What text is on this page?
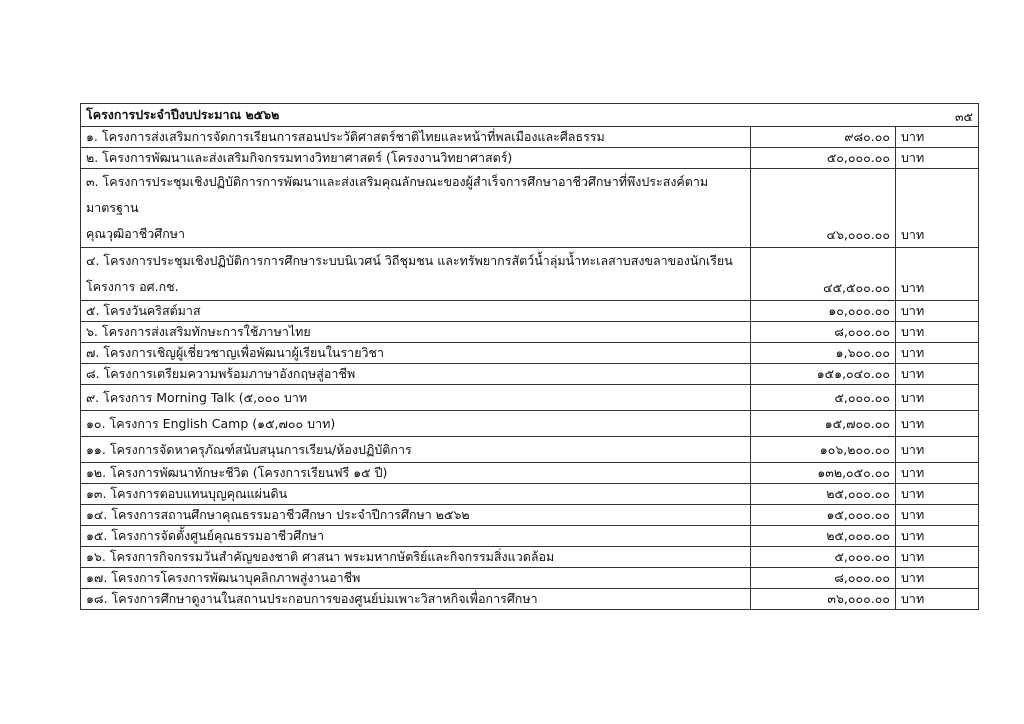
โครงการประจำปีงบประมาณ ๒๕๖๒ ๓๕		

๑. โครงการส่งเสริมการจัดการเรียนการสอนประวัติศาสตร์ชาติไทยและหน้าที่พลเมืองและศีลธรรม	๙๘๐.๐๐	บาท
๒. โครงการพัฒนาและส่งเสริมกิจกรรมทางวิทยาศาสตร์ (โครงงานวิทยาศาสตร์)	๕๐,๐๐๐.๐๐	บาท

๓. โครงการประชุมเชิงปฏิบัติการการพัฒนาและส่งเสริมคุณลักษณะของผู้สำเร็จการศึกษาอาชีวศึกษาที่พึงประสงค์ตามมาตรฐาน
คุณวุฒิอาชีวศึกษา	๔๖,๐๐๐.๐๐	บาท

๔. โครงการประชุมเชิงปฏิบัติการการศึกษาระบบนิเวศน์ วิถีชุมชน และทรัพยากรสัตว์น้ำลุ่มน้ำทะเลสาบสงขลาของนักเรียน
โครงการ อศ.กช.	๔๕,๕๐๐.๐๐	บาท
๕. โครงวันคริสต์มาส	๑๐,๐๐๐.๐๐	บาท
๖. โครงการส่งเสริมทักษะการใช้ภาษาไทย	๘,๐๐๐.๐๐	บาท
๗. โครงการเชิญผู้เชี่ยวชาญเพื่อพัฒนาผู้เรียนในรายวิชา	๑,๖๐๐.๐๐	บาท
๘. โครงการเตรียมความพร้อมภาษาอังกฤษสู่อาชีพ	๑๕๑,๐๔๐.๐๐	บาท
๙. โครงการ Morning Talk (๕,๐๐๐ บาท	๕,๐๐๐.๐๐	บาท
๑๐. โครงการ English Camp (๑๕,๗๐๐ บาท)	๑๕,๗๐๐.๐๐	บาท
๑๑. โครงการจัดหาครุภัณฑ์สนับสนุนการเรียน/ห้องปฏิบัติการ	๑๐๖,๒๐๐.๐๐	บาท
๑๒. โครงการพัฒนาทักษะชีวิต (โครงการเรียนฟรี ๑๕ ปี)	๑๓๒,๐๕๐.๐๐	บาท
๑๓. โครงการตอบแทนบุญคุณแผ่นดิน	๒๕,๐๐๐.๐๐	บาท
๑๔. โครงการสถานศึกษาคุณธรรมอาชีวศึกษา ประจำปีการศึกษา ๒๕๖๒	๑๕,๐๐๐.๐๐	บาท
๑๕. โครงการจัดตั้งศูนย์คุณธรรมอาชีวศึกษา	๒๕,๐๐๐.๐๐	บาท
๑๖. โครงการกิจกรรมวันสำคัญของชาติ ศาสนา พระมหากษัตริย์และกิจกรรมสิ่งแวดล้อม	๕,๐๐๐.๐๐	บาท
๑๗. โครงการโครงการพัฒนาบุคลิกภาพสู่งานอาชีพ	๘,๐๐๐.๐๐	บาท
๑๘. โครงการศึกษาดูงานในสถานประกอบการของศูนย์บ่มเพาะวิสาหกิจเพื่อการศึกษา	๓๖,๐๐๐.๐๐	บาท
